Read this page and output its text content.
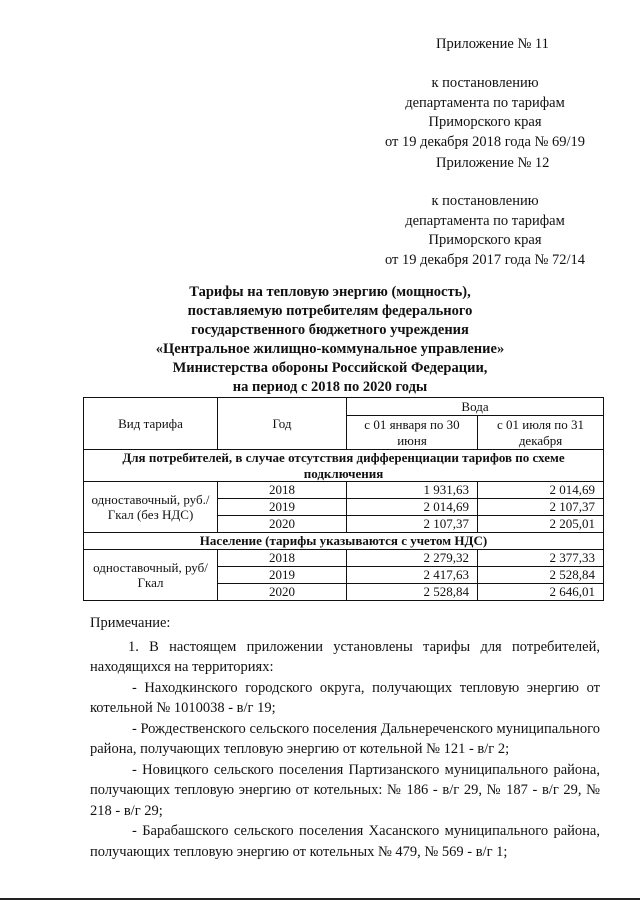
Приложение № 11
к постановлению
департамента по тарифам
Приморского края
от 19 декабря 2018 года № 69/19
Приложение № 12
к постановлению
департамента по тарифам
Приморского края
от 19 декабря 2017 года № 72/14
Тарифы на тепловую энергию (мощность),
поставляемую потребителям федерального
государственного бюджетного учреждения
«Центральное жилищно-коммунальное управление»
Министерства обороны Российской Федерации,
на период с 2018 по 2020 годы
Вид тарифа	Год	Вода	
		с 01 января по 30 июня	с 01 июля по 31 декабря
Для потребителей, в случае отсутствия дифференциации тарифов по схеме подключения			
одноставочный, руб./Гкал (без НДС)	2018	1 931,63	2 014,69
	2019	2 014,69	2 107,37
	2020	2 107,37	2 205,01
Население (тарифы указываются с учетом НДС)			
одноставочный, руб/Гкал	2018	2 279,32	2 377,33
	2019	2 417,63	2 528,84
	2020	2 528,84	2 646,01

Примечание:

1. В настоящем приложении установлены тарифы для потребителей, находящихся на территориях:

- Находкинского городского округа, получающих тепловую энергию от котельной № 1010038 - в/г 19;

- Рождественского сельского поселения Дальнереченского муниципального района, получающих тепловую энергию от котельной № 121 - в/г 2;

- Новицкого сельского поселения Партизанского муниципального района, получающих тепловую энергию от котельных: № 186 - в/г 29, № 187 - в/г 29, № 218 - в/г 29;

- Барабашского сельского поселения Хасанского муниципального района, получающих тепловую энергию от котельных № 479, № 569 - в/г 1;
